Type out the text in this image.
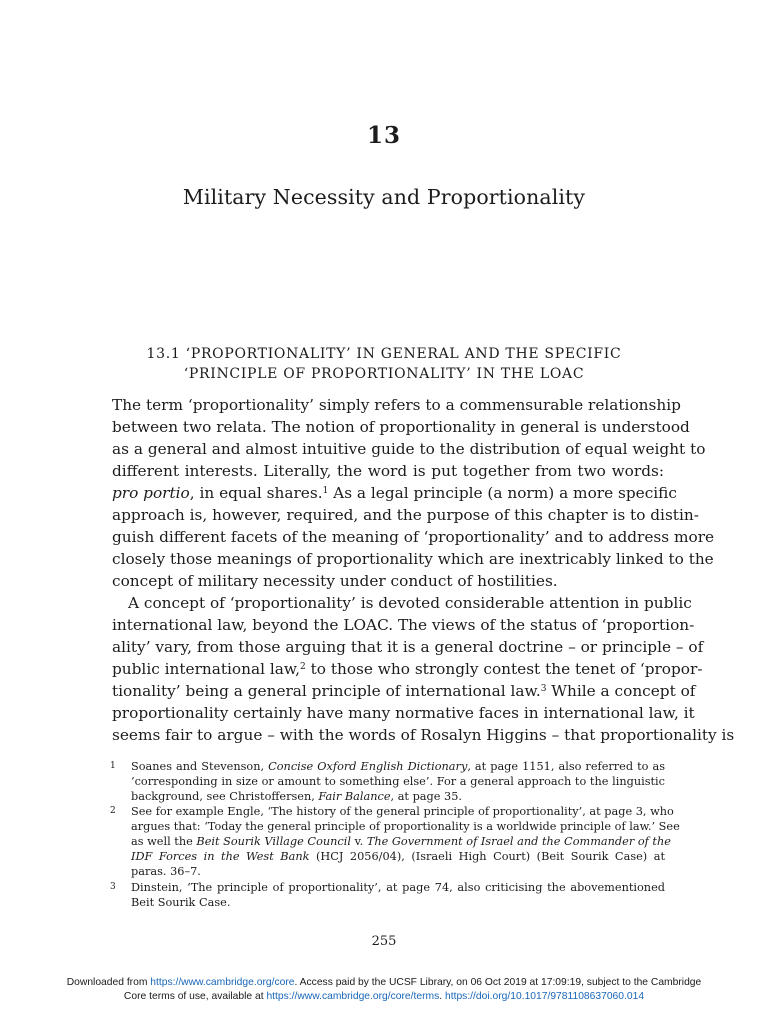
13
Military Necessity and Proportionality
13.1 ‘PROPORTIONALITY’ IN GENERAL AND THE SPECIFIC
‘PRINCIPLE OF PROPORTIONALITY’ IN THE LOAC
The term ‘proportionality’ simply refers to a commensurable relationship
between two relata. The notion of proportionality in general is understood
as a general and almost intuitive guide to the distribution of equal weight to
different interests. Literally, the word is put together from two words:
pro portio, in equal shares.$^1$ As a legal principle (a norm) a more specific
approach is, however, required, and the purpose of this chapter is to distin-
guish different facets of the meaning of ‘proportionality’ and to address more
closely those meanings of proportionality which are inextricably linked to the
concept of military necessity under conduct of hostilities.
A concept of ‘proportionality’ is devoted considerable attention in public
international law, beyond the LOAC. The views of the status of ‘proportion-
ality’ vary, from those arguing that it is a general doctrine – or principle – of
public international law,$^2$ to those who strongly contest the tenet of ‘propor-
tionality’ being a general principle of international law.$^3$ While a concept of
proportionality certainly have many normative faces in international law, it
seems fair to argue – with the words of Rosalyn Higgins – that proportionality is
1 Soanes and Stevenson, Concise Oxford English Dictionary, at page 1151, also referred to as
‘corresponding in size or amount to something else’. For a general approach to the linguistic
background, see Christoffersen, Fair Balance, at page 35.
2 See for example Engle, ‘The history of the general principle of proportionality’, at page 3, who
argues that: ‘Today the general principle of proportionality is a worldwide principle of law.’ See
as well the Beit Sourik Village Council v. The Government of Israel and the Commander of the
IDF Forces in the West Bank (HCJ 2056/04), (Israeli High Court) (Beit Sourik Case) at
paras. 36–7.
3 Dinstein, ‘The principle of proportionality’, at page 74, also criticising the abovementioned
Beit Sourik Case.
255
Downloaded from https://www.cambridge.org/core. Access paid by the UCSF Library, on 06 Oct 2019 at 17:09:19, subject to the Cambridge
Core terms of use, available at https://www.cambridge.org/core/terms. https://doi.org/10.1017/9781108637060.014
